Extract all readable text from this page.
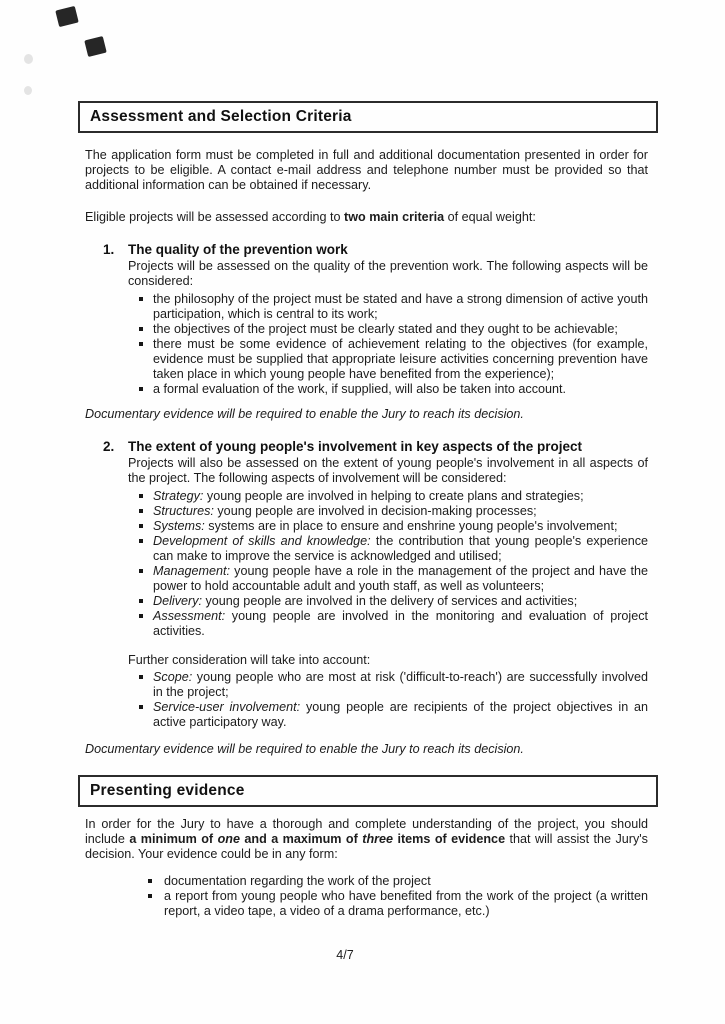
Assessment and Selection Criteria

The application form must be completed in full and additional documentation presented in order for projects to be eligible. A contact e-mail address and telephone number must be provided so that additional information can be obtained if necessary.

Eligible projects will be assessed according to two main criteria of equal weight:

1. The quality of the prevention work

Projects will be assessed on the quality of the prevention work. The following aspects will be considered:

the philosophy of the project must be stated and have a strong dimension of active youth participation, which is central to its work;
the objectives of the project must be clearly stated and they ought to be achievable;
there must be some evidence of achievement relating to the objectives (for example, evidence must be supplied that appropriate leisure activities concerning prevention have taken place in which young people have benefited from the experience);
a formal evaluation of the work, if supplied, will also be taken into account.

Documentary evidence will be required to enable the Jury to reach its decision.

2. The extent of young people's involvement in key aspects of the project

Projects will also be assessed on the extent of young people's involvement in all aspects of the project. The following aspects of involvement will be considered:

Strategy: young people are involved in helping to create plans and strategies;
Structures: young people are involved in decision-making processes;
Systems: systems are in place to ensure and enshrine young people's involvement;
Development of skills and knowledge: the contribution that young people's experience can make to improve the service is acknowledged and utilised;
Management: young people have a role in the management of the project and have the power to hold accountable adult and youth staff, as well as volunteers;
Delivery: young people are involved in the delivery of services and activities;
Assessment: young people are involved in the monitoring and evaluation of project activities.

Further consideration will take into account:

Scope: young people who are most at risk ('difficult-to-reach') are successfully involved in the project;
Service-user involvement: young people are recipients of the project objectives in an active participatory way.

Documentary evidence will be required to enable the Jury to reach its decision.

Presenting evidence

In order for the Jury to have a thorough and complete understanding of the project, you should include a minimum of one and a maximum of three items of evidence that will assist the Jury's decision. Your evidence could be in any form:

documentation regarding the work of the project
a report from young people who have benefited from the work of the project (a written report, a video tape, a video of a drama performance, etc.)
4/7
